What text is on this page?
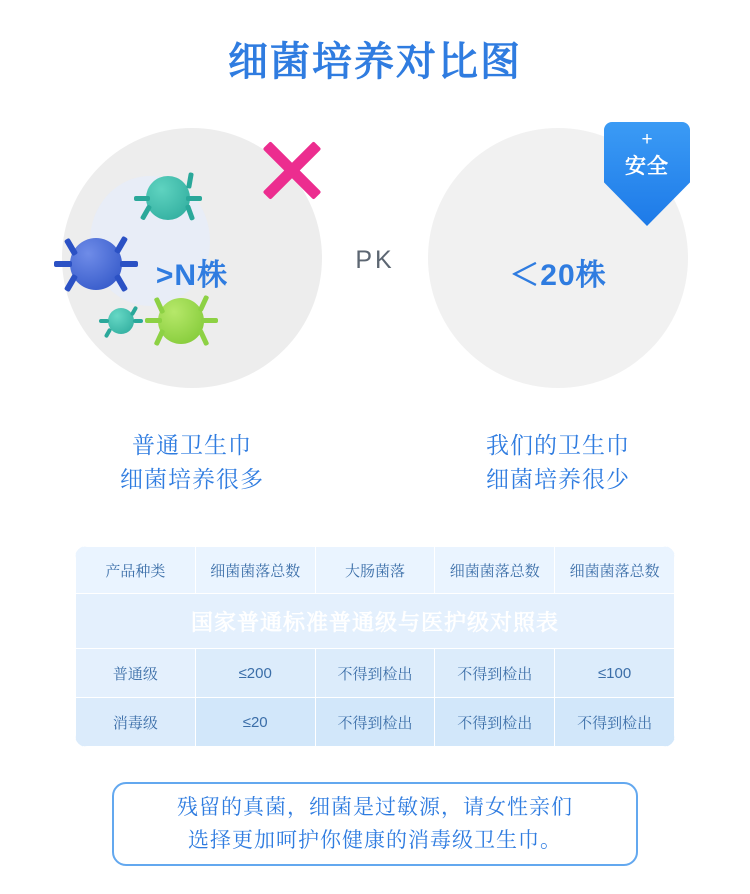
细菌培养对比图
>N株	＜20株
PK
+
安全
普通卫生巾
细菌培养很多
我们的卫生巾
细菌培养很少
国家普通标准普通级与医护级对照表				
产品种类	细菌菌落总数	大肠菌落	细菌菌落总数	细菌菌落总数
普通级	≤200	不得到检出	不得到检出	≤100
消毒级	≤20	不得到检出	不得到检出	不得到检出

残留的真菌，细菌是过敏源，请女性亲们
选择更加呵护你健康的消毒级卫生巾。
